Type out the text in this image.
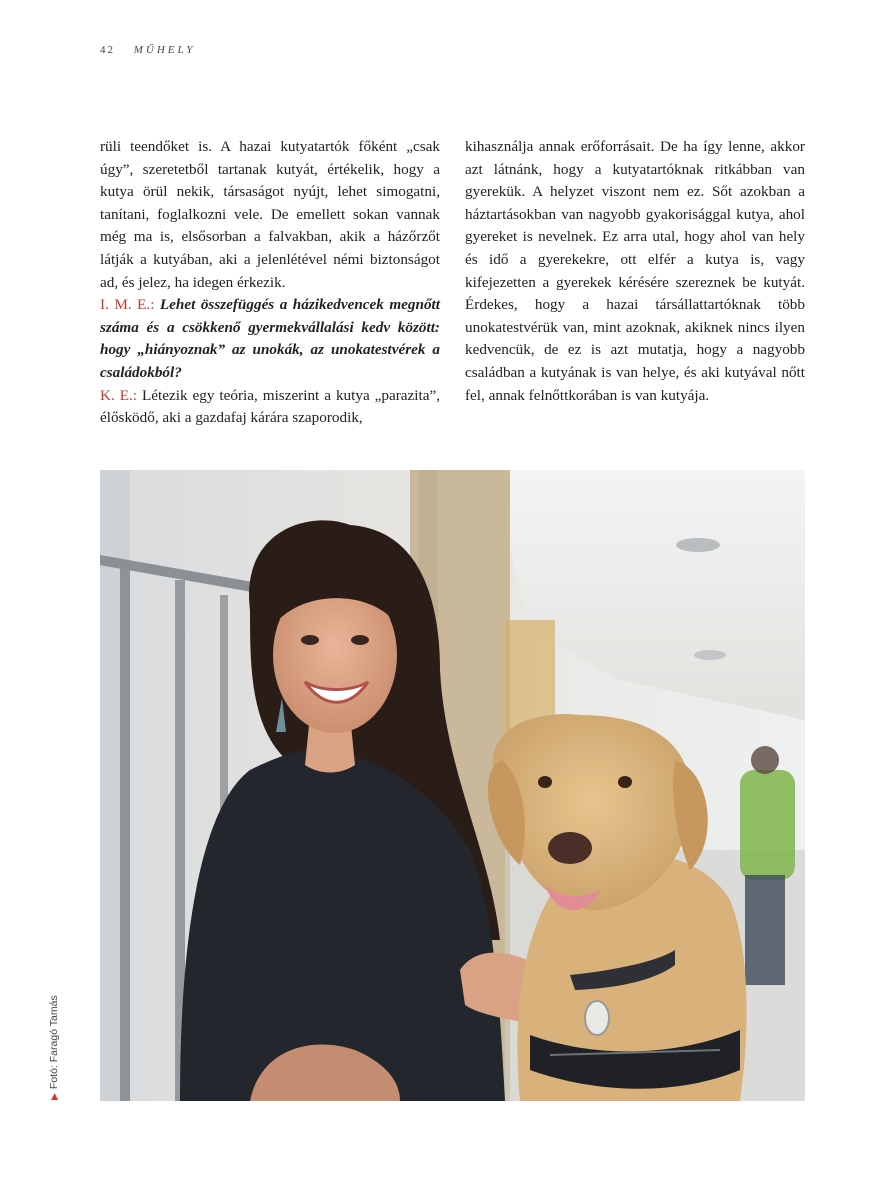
42 MŰHELY

rüli teendőket is. A hazai kutyatartók főként „csak úgy”, szeretetből tartanak kutyát, értékelik, hogy a kutya örül nekik, társaságot nyújt, lehet simogatni, tanítani, foglalkozni vele. De emellett sokan vannak még ma is, elsősorban a falvakban, akik a házőrzőt látják a kutyában, aki a jelenlétével némi biztonságot ad, és jelez, ha idegen érkezik.

I. M. E.: Lehet összefüggés a házikedvencek megnőtt száma és a csökkenő gyermekvállalási kedv között: hogy „hiányoznak” az unokák, az unokatestvérek a családokból?

K. E.: Létezik egy teória, miszerint a kutya „parazita”, élősködő, aki a gazdafaj kárára szaporodik,

kihasználja annak erőforrásait. De ha így lenne, akkor azt látnánk, hogy a kutyatartóknak ritkábban van gyerekük. A helyzet viszont nem ez. Sőt azokban a háztartásokban van nagyobb gyakorisággal kutya, ahol gyereket is nevelnek. Ez arra utal, hogy ahol van hely és idő a gyerekekre, ott elfér a kutya is, vagy kifejezetten a gyerekek kérésére szereznek be kutyát. Érdekes, hogy a hazai társállattartóknak több unokatestvérük van, mint azoknak, akiknek nincs ilyen kedvencük, de ez is azt mutatja, hogy a nagyobb családban a kutyának is van helye, és aki kutyával nőtt fel, annak felnőttkorában is van kutyája.

▶Fotó: Faragó Tamás
